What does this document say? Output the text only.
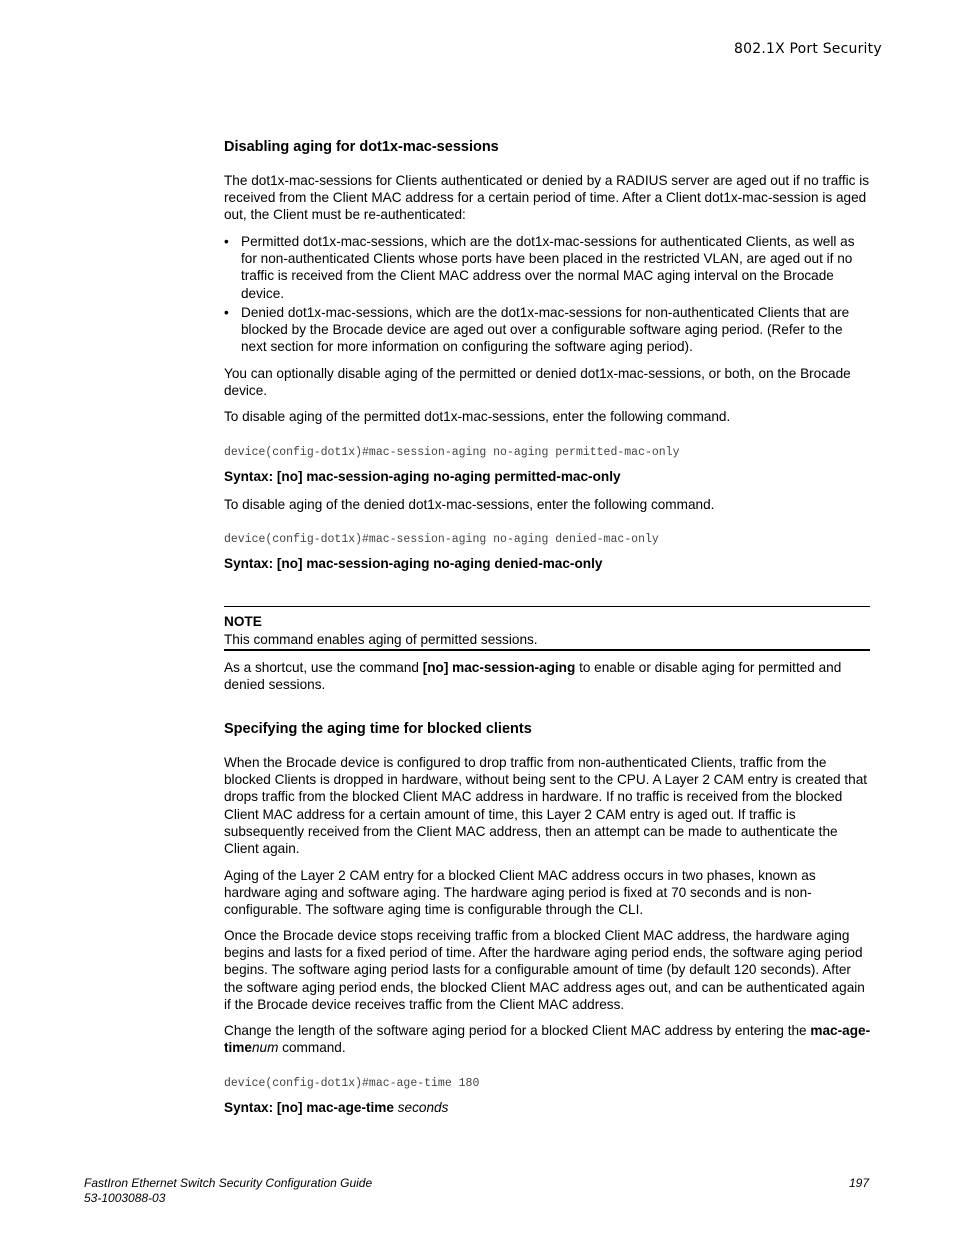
802.1X Port Security
Disabling aging for dot1x-mac-sessions

The dot1x-mac-sessions for Clients authenticated or denied by a RADIUS server are aged out if no traffic is received from the Client MAC address for a certain period of time. After a Client dot1x-mac-session is aged out, the Client must be re-authenticated:

• Permitted dot1x-mac-sessions, which are the dot1x-mac-sessions for authenticated Clients, as well as for non-authenticated Clients whose ports have been placed in the restricted VLAN, are aged out if no traffic is received from the Client MAC address over the normal MAC aging interval on the Brocade device.
• Denied dot1x-mac-sessions, which are the dot1x-mac-sessions for non-authenticated Clients that are blocked by the Brocade device are aged out over a configurable software aging period. (Refer to the next section for more information on configuring the software aging period).

You can optionally disable aging of the permitted or denied dot1x-mac-sessions, or both, on the Brocade device.

To disable aging of the permitted dot1x-mac-sessions, enter the following command.

device(config-dot1x)#mac-session-aging no-aging permitted-mac-only
Syntax: [no] mac-session-aging no-aging permitted-mac-only

To disable aging of the denied dot1x-mac-sessions, enter the following command.

device(config-dot1x)#mac-session-aging no-aging denied-mac-only
Syntax: [no] mac-session-aging no-aging denied-mac-only
NOTE
This command enables aging of permitted sessions.

As a shortcut, use the command [no] mac-session-aging to enable or disable aging for permitted and denied sessions.

Specifying the aging time for blocked clients

When the Brocade device is configured to drop traffic from non-authenticated Clients, traffic from the blocked Clients is dropped in hardware, without being sent to the CPU. A Layer 2 CAM entry is created that drops traffic from the blocked Client MAC address in hardware. If no traffic is received from the blocked Client MAC address for a certain amount of time, this Layer 2 CAM entry is aged out. If traffic is subsequently received from the Client MAC address, then an attempt can be made to authenticate the Client again.

Aging of the Layer 2 CAM entry for a blocked Client MAC address occurs in two phases, known as hardware aging and software aging. The hardware aging period is fixed at 70 seconds and is non-configurable. The software aging time is configurable through the CLI.

Once the Brocade device stops receiving traffic from a blocked Client MAC address, the hardware aging begins and lasts for a fixed period of time. After the hardware aging period ends, the software aging period begins. The software aging period lasts for a configurable amount of time (by default 120 seconds). After the software aging period ends, the blocked Client MAC address ages out, and can be authenticated again if the Brocade device receives traffic from the Client MAC address.

Change the length of the software aging period for a blocked Client MAC address by entering the mac-age-timenum command.

device(config-dot1x)#mac-age-time 180
Syntax: [no] mac-age-time seconds
FastIron Ethernet Switch Security Configuration Guide
53-1003088-03
197
